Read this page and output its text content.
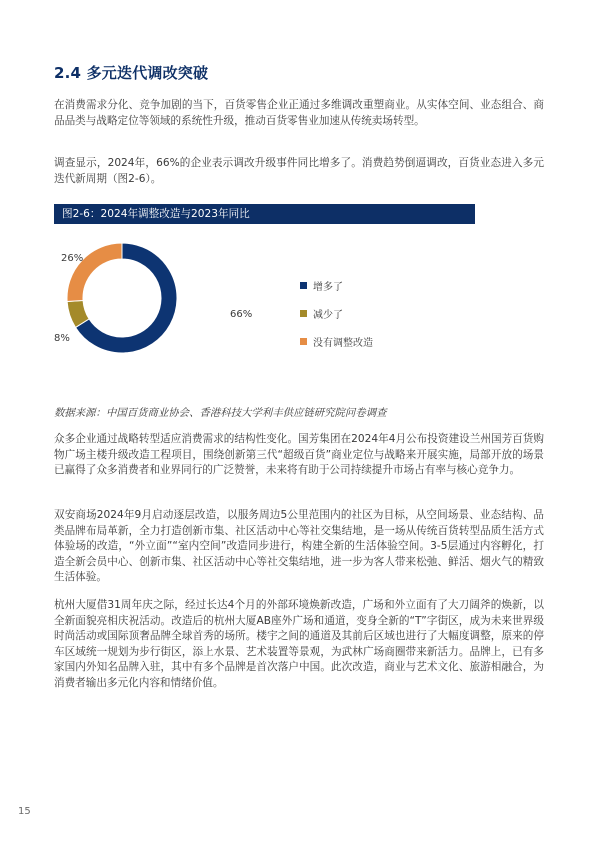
2.4 多元迭代调改突破

在消费需求分化、竞争加剧的当下，百货零售企业正通过多维调改重塑商业。从实体空间、业态组合、商品品类与战略定位等领域的系统性升级，推动百货零售业加速从传统卖场转型。

调查显示，2024年，66%的企业表示调改升级事件同比增多了。消费趋势倒逼调改，百货业态进入多元迭代新周期（图2-6）。

图2-6：2024年调整改造与2023年同比
66%
8%
26%
增多了
减少了
没有调整改造
数据来源：中国百货商业协会、香港科技大学利丰供应链研究院问卷调查

众多企业通过战略转型适应消费需求的结构性变化。国芳集团在2024年4月公布投资建设兰州国芳百货购物广场主楼升级改造工程项目，围绕创新第三代“超级百货”商业定位与战略来开展实施，局部开放的场景已赢得了众多消费者和业界同行的广泛赞誉，未来将有助于公司持续提升市场占有率与核心竞争力。

双安商场2024年9月启动逐层改造，以服务周边5公里范围内的社区为目标，从空间场景、业态结构、品类品牌布局革新，全力打造创新市集、社区活动中心等社交集结地，是一场从传统百货转型品质生活方式体验场的改造，“外立面”“室内空间”改造同步进行，构建全新的生活体验空间。3-5层通过内容孵化，打造全新会员中心、创新市集、社区活动中心等社交集结地，进一步为客人带来松弛、鲜活、烟火气的精致生活体验。

杭州大厦借31周年庆之际，经过长达4个月的外部环境焕新改造，广场和外立面有了大刀阔斧的焕新，以全新面貌亮相庆祝活动。改造后的杭州大厦AB座外广场和通道，变身全新的“T”字街区，成为未来世界级时尚活动或国际顶奢品牌全球首秀的场所。楼宇之间的通道及其前后区域也进行了大幅度调整，原来的停车区域统一规划为步行街区，添上水景、艺术装置等景观，为武林广场商圈带来新活力。品牌上，已有多家国内外知名品牌入驻，其中有多个品牌是首次落户中国。此次改造，商业与艺术文化、旅游相融合，为消费者输出多元化内容和情绪价值。

15
